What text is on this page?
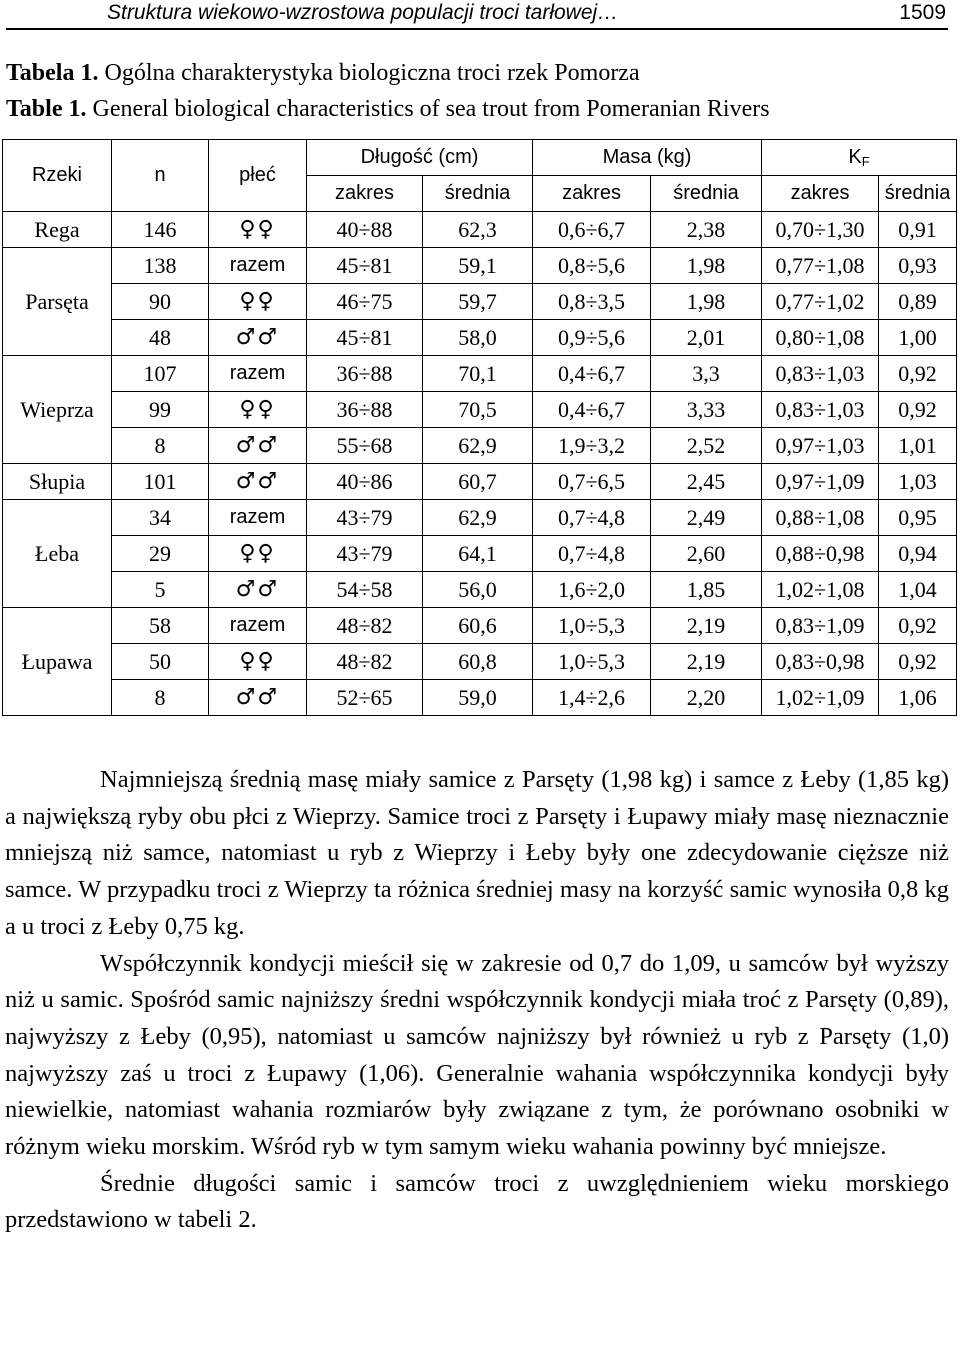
Struktura wiekowo-wzrostowa populacji troci tarłowej…	1509
Tabela 1. Ogólna charakterystyka biologiczna troci rzek Pomorza
Table 1. General biological characteristics of sea trout from Pomeranian Rivers
Rzeki	n	płeć	Długość (cm)		Masa (kg)		$K_F$
			zakres	średnia	zakres	średnia	zakres	średnia
Rega	146	♀♀	40÷88	62,3	0,6÷6,7	2,38	0,70÷1,30	0,91
Parsęta	138	razem	45÷81	59,1	0,8÷5,6	1,98	0,77÷1,08	0,93
	90	♀♀	46÷75	59,7	0,8÷3,5	1,98	0,77÷1,02	0,89
	48	♂♂	45÷81	58,0	0,9÷5,6	2,01	0,80÷1,08	1,00
Wieprza	107	razem	36÷88	70,1	0,4÷6,7	3,3	0,83÷1,03	0,92
	99	♀♀	36÷88	70,5	0,4÷6,7	3,33	0,83÷1,03	0,92
	8	♂♂	55÷68	62,9	1,9÷3,2	2,52	0,97÷1,03	1,01
Słupia	101	♂♂	40÷86	60,7	0,7÷6,5	2,45	0,97÷1,09	1,03
Łeba	34	razem	43÷79	62,9	0,7÷4,8	2,49	0,88÷1,08	0,95
	29	♀♀	43÷79	64,1	0,7÷4,8	2,60	0,88÷0,98	0,94
	5	♂♂	54÷58	56,0	1,6÷2,0	1,85	1,02÷1,08	1,04
Łupawa	58	razem	48÷82	60,6	1,0÷5,3	2,19	0,83÷1,09	0,92
	50	♀♀	48÷82	60,8	1,0÷5,3	2,19	0,83÷0,98	0,92
	8	♂♂	52÷65	59,0	1,4÷2,6	2,20	1,02÷1,09	1,06

Najmniejszą średnią masę miały samice z Parsęty (1,98 kg) i samce z Łeby (1,85 kg) a największą ryby obu płci z Wieprzy. Samice troci z Parsęty i Łupawy miały masę nieznacznie mniejszą niż samce, natomiast u ryb z Wieprzy i Łeby były one zdecydowanie cięższe niż samce. W przypadku troci z Wieprzy ta różnica średniej masy na korzyść samic wynosiła 0,8 kg a u troci z Łeby 0,75 kg.

Współczynnik kondycji mieścił się w zakresie od 0,7 do 1,09, u samców był wyższy niż u samic. Spośród samic najniższy średni współczynnik kondycji miała troć z Parsęty (0,89), najwyższy z Łeby (0,95), natomiast u samców najniższy był również u ryb z Parsęty (1,0) najwyższy zaś u troci z Łupawy (1,06). Generalnie wahania współczynnika kondycji były niewielkie, natomiast wahania rozmiarów były związane z tym, że porównano osobniki w różnym wieku morskim. Wśród ryb w tym samym wieku wahania powinny być mniejsze.

Średnie długości samic i samców troci z uwzględnieniem wieku morskiego przedstawiono w tabeli 2.
